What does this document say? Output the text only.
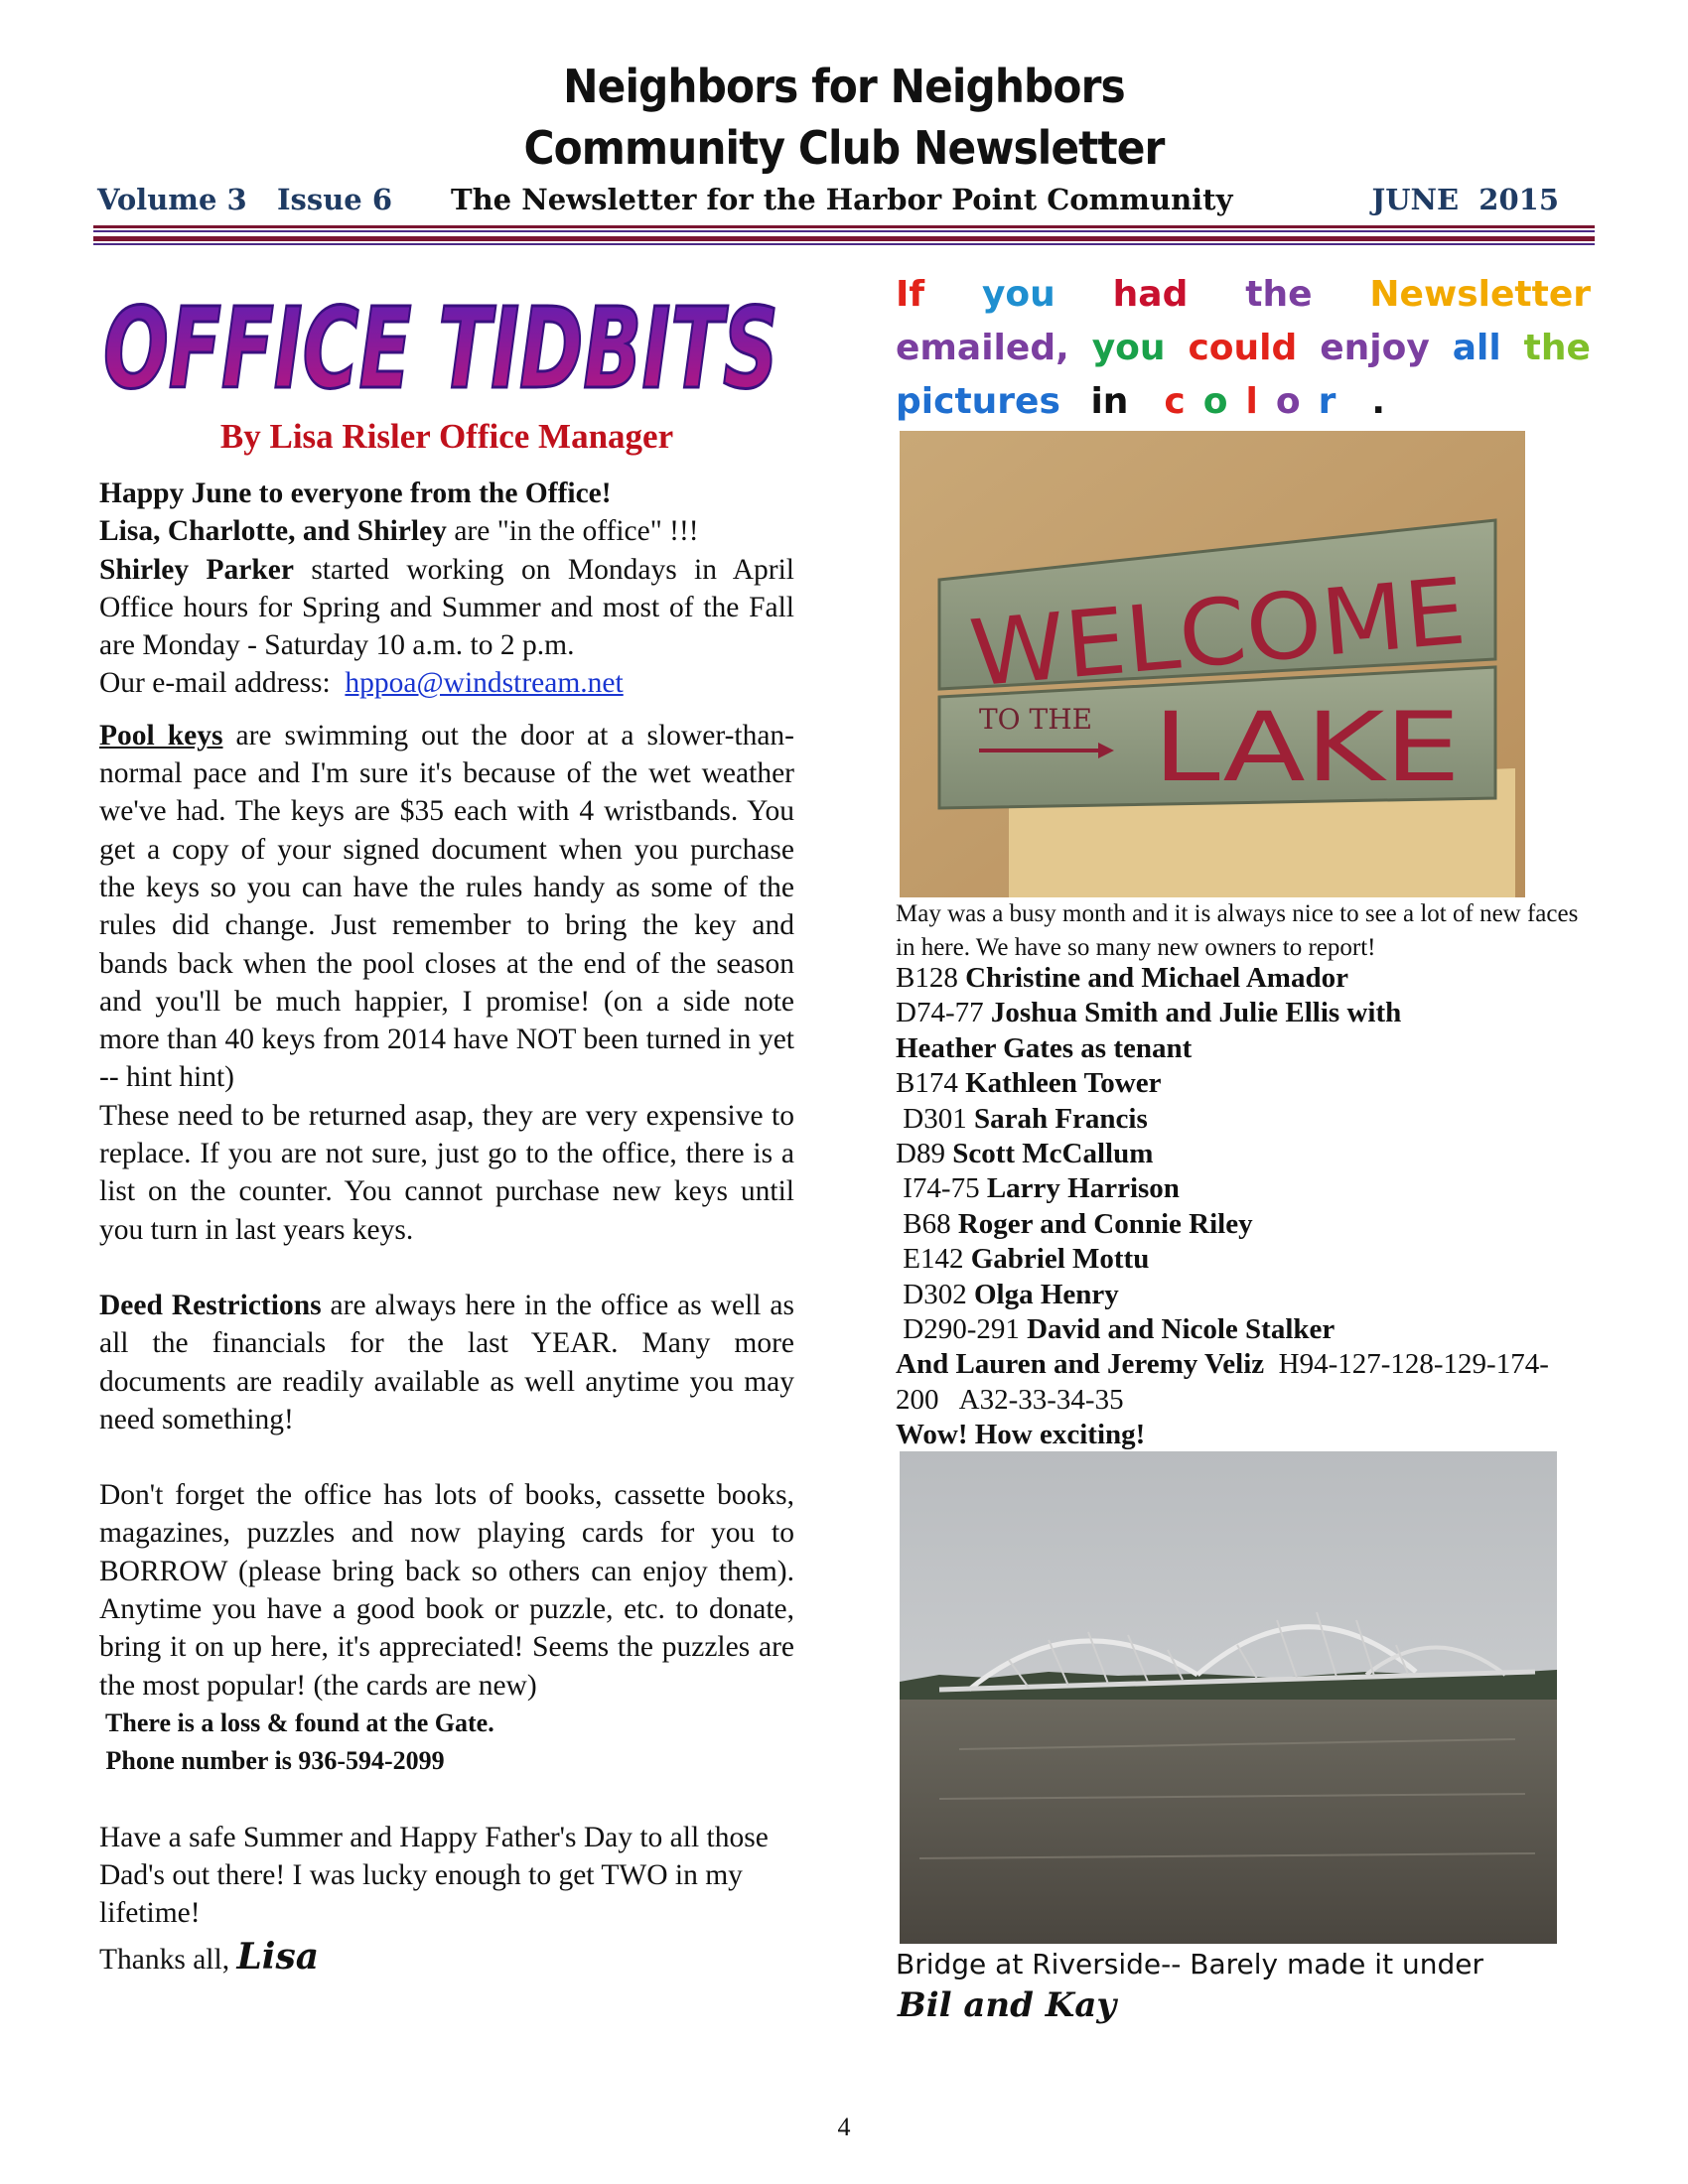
Neighbors for Neighbors
Community Club Newsletter
Volume 3   Issue 6 The Newsletter for the Harbor Point Community	JUNE  2015
OFFICE TIDBITS
By Lisa Risler Office Manager

Happy June to everyone from the Office!

Lisa, Charlotte, and Shirley are "in the office" !!!

Shirley Parker started working on Mondays in April Office hours for Spring and Summer and most of the Fall are Monday - Saturday 10 a.m. to 2 p.m.

Our e-mail address:  hppoa@windstream.net

Pool keys are swimming out the door at a slower-than-normal pace and I'm sure it's because of the wet weather we've had. The keys are $35 each with 4 wristbands. You get a copy of your signed document when you purchase the keys so you can have the rules handy as some of the rules did change. Just remember to bring the key and bands back when the pool closes at the end of the season and you'll be much happier, I promise! (on a side note more than 40 keys from 2014 have NOT been turned in yet -- hint hint)

These need to be returned asap, they are very expensive to replace. If you are not sure, just go to the office, there is a list on the counter. You cannot purchase new keys until you turn in last years keys.

Deed Restrictions are always here in the office as well as all the financials for the last YEAR. Many more documents are readily available as well anytime you may need something!

Don't forget the office has lots of books, cassette books, magazines, puzzles and now playing cards for you to BORROW (please bring back so others can enjoy them). Anytime you have a good book or puzzle, etc. to donate, bring it on up here, it's appreciated! Seems the puzzles are the most popular! (the cards are new)

There is a loss & found at the Gate.

Phone number is 936-594-2099

Have a safe Summer and Happy Father's Day to all those Dad's out there! I was lucky enough to get TWO in my lifetime!

Thanks all, Lisa

If you had the Newsletter
emailed, you could enjoy all the
pictures in	c o l o r .
WELCOME
TO THE LAKE
May was a busy month and it is always nice to see a lot of new faces in here. We have so many new owners to report!
B128 Christine and Michael Amador
D74-77 Joshua Smith and Julie Ellis with
Heather Gates as tenant
B174 Kathleen Tower
D301 Sarah Francis
D89 Scott McCallum
I74-75 Larry Harrison
B68 Roger and Connie Riley
E142 Gabriel Mottu
D302 Olga Henry
D290-291 David and Nicole Stalker
And Lauren and Jeremy Veliz  H94-127-128-129-174-200   A32-33-34-35
Wow! How exciting!
Bridge at Riverside-- Barely made it under
Bil and Kay
4
